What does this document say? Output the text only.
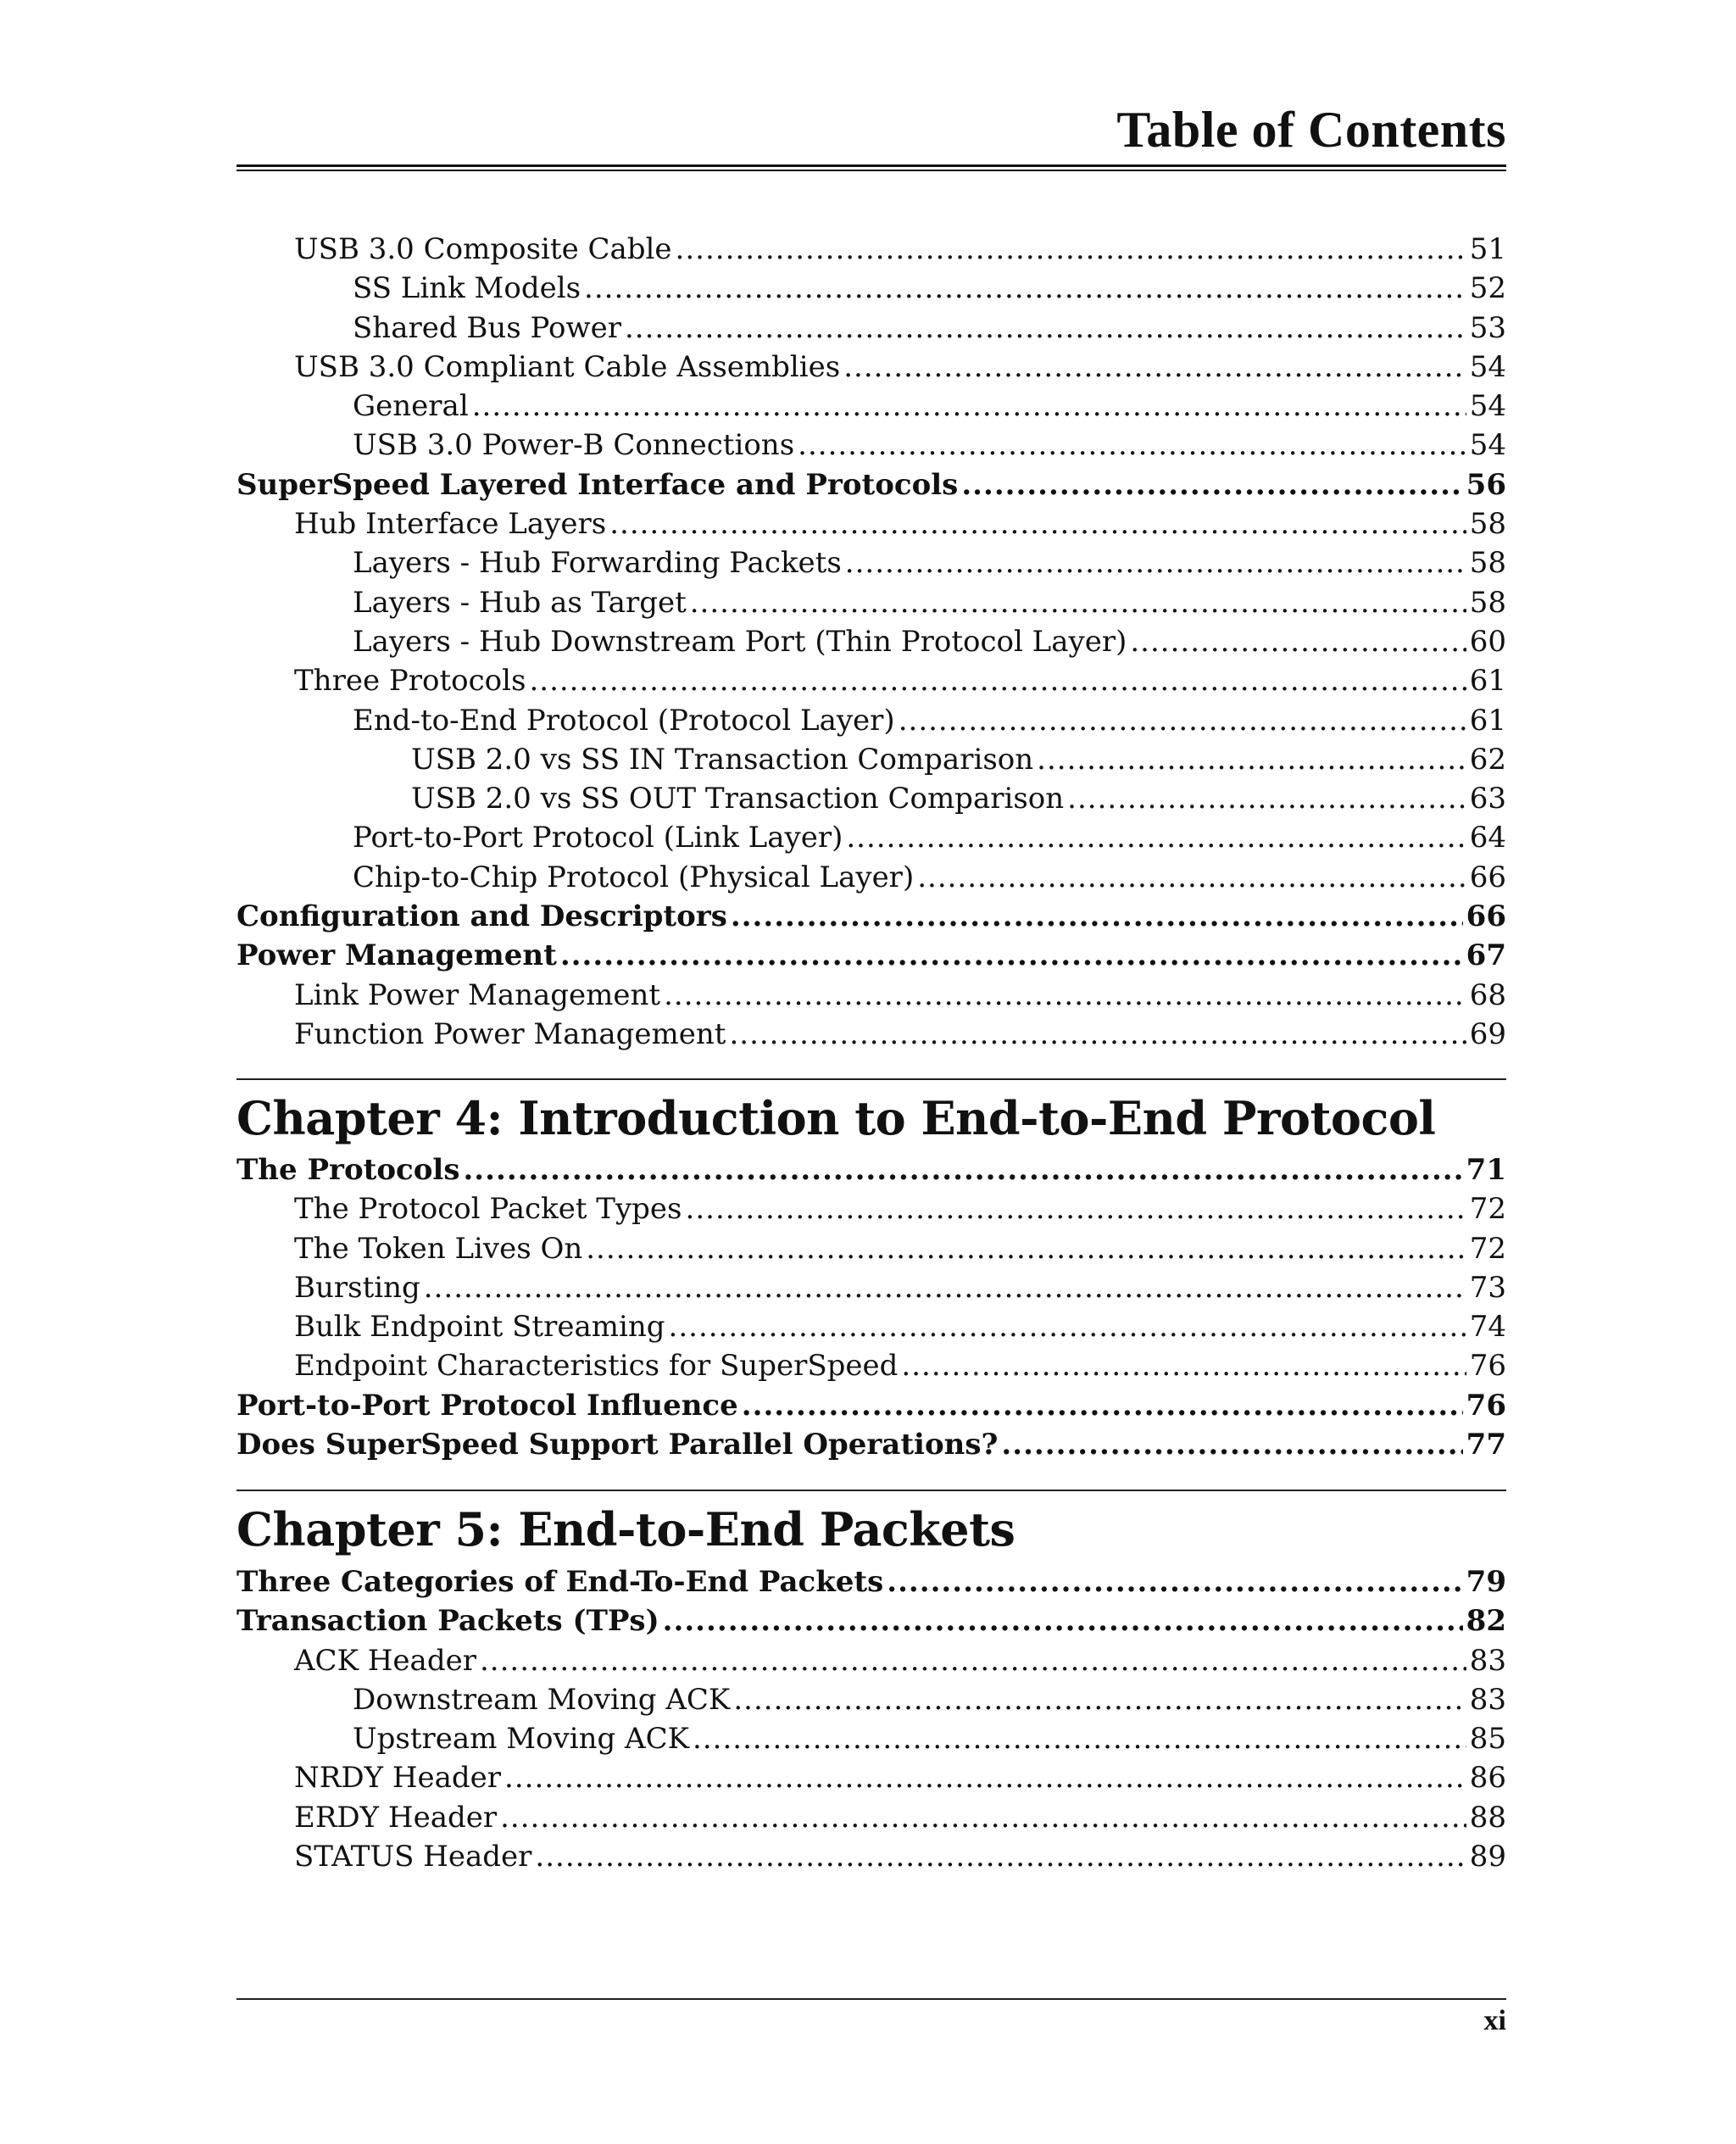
Table of Contents
USB 3.0 Composite Cable .....	51
SS Link Models .....	52
Shared Bus Power .....	53
USB 3.0 Compliant Cable Assemblies .....	54
General .....	54
USB 3.0 Power-B Connections .....	54
SuperSpeed Layered Interface and Protocols .....	56
Hub Interface Layers .....	58
Layers - Hub Forwarding Packets .....	58
Layers - Hub as Target .....	58
Layers - Hub Downstream Port (Thin Protocol Layer) .....	60
Three Protocols .....	61
End-to-End Protocol (Protocol Layer) .....	61
USB 2.0 vs SS IN Transaction Comparison .....	62
USB 2.0 vs SS OUT Transaction Comparison .....	63
Port-to-Port Protocol (Link Layer) .....	64
Chip-to-Chip Protocol (Physical Layer) .....	66
Configuration and Descriptors .....	66
Power Management .....	67
Link Power Management .....	68
Function Power Management .....	69
Chapter 4: Introduction to End-to-End Protocol
The Protocols .....	71
The Protocol Packet Types .....	72
The Token Lives On .....	72
Bursting .....	73
Bulk Endpoint Streaming .....	74
Endpoint Characteristics for SuperSpeed .....	76
Port-to-Port Protocol Influence .....	76
Does SuperSpeed Support Parallel Operations? .....	77
Chapter 5: End-to-End Packets
Three Categories of End-To-End Packets .....	79
Transaction Packets (TPs) .....	82
ACK Header .....	83
Downstream Moving ACK .....	83
Upstream Moving ACK .....	85
NRDY Header .....	86
ERDY Header .....	88
STATUS Header .....	89
xi
